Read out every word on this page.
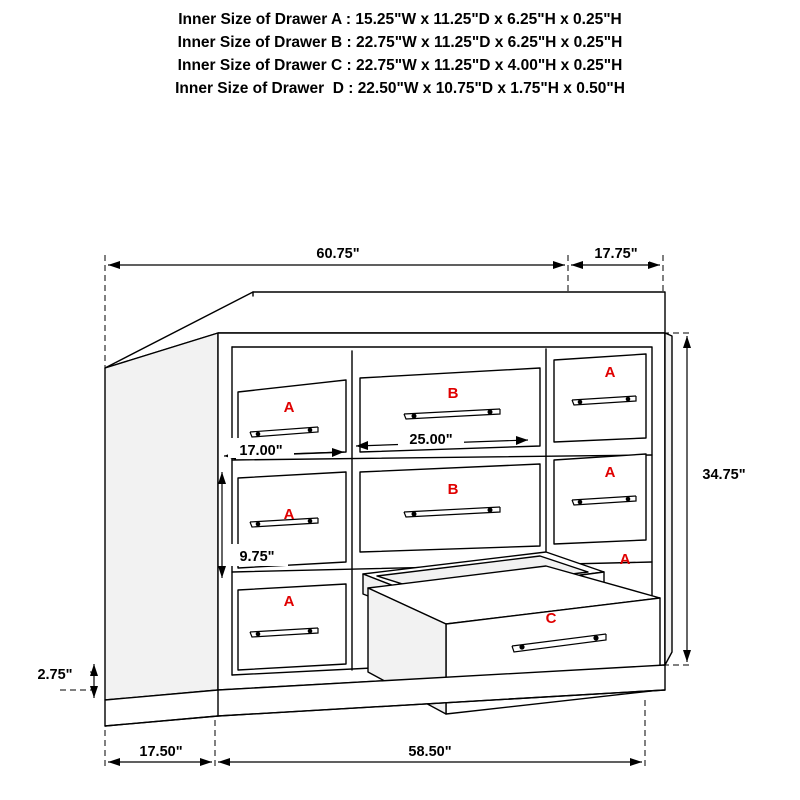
Inner Size of Drawer A : 15.25"W x 11.25"D x 6.25"H x 0.25"H
Inner Size of Drawer B : 22.75"W x 11.25"D x 6.25"H x 0.25"H
Inner Size of Drawer C : 22.75"W x 11.25"D x 4.00"H x 0.25"H
Inner Size of Drawer  D : 22.50"W x 10.75"D x 1.75"H x 0.50"H
60.75"	17.75"
34.75"
17.50"	58.50"
2.75"
A
A
A
B
B
A
A
A
C
17.00"
25.00"
9.75"
